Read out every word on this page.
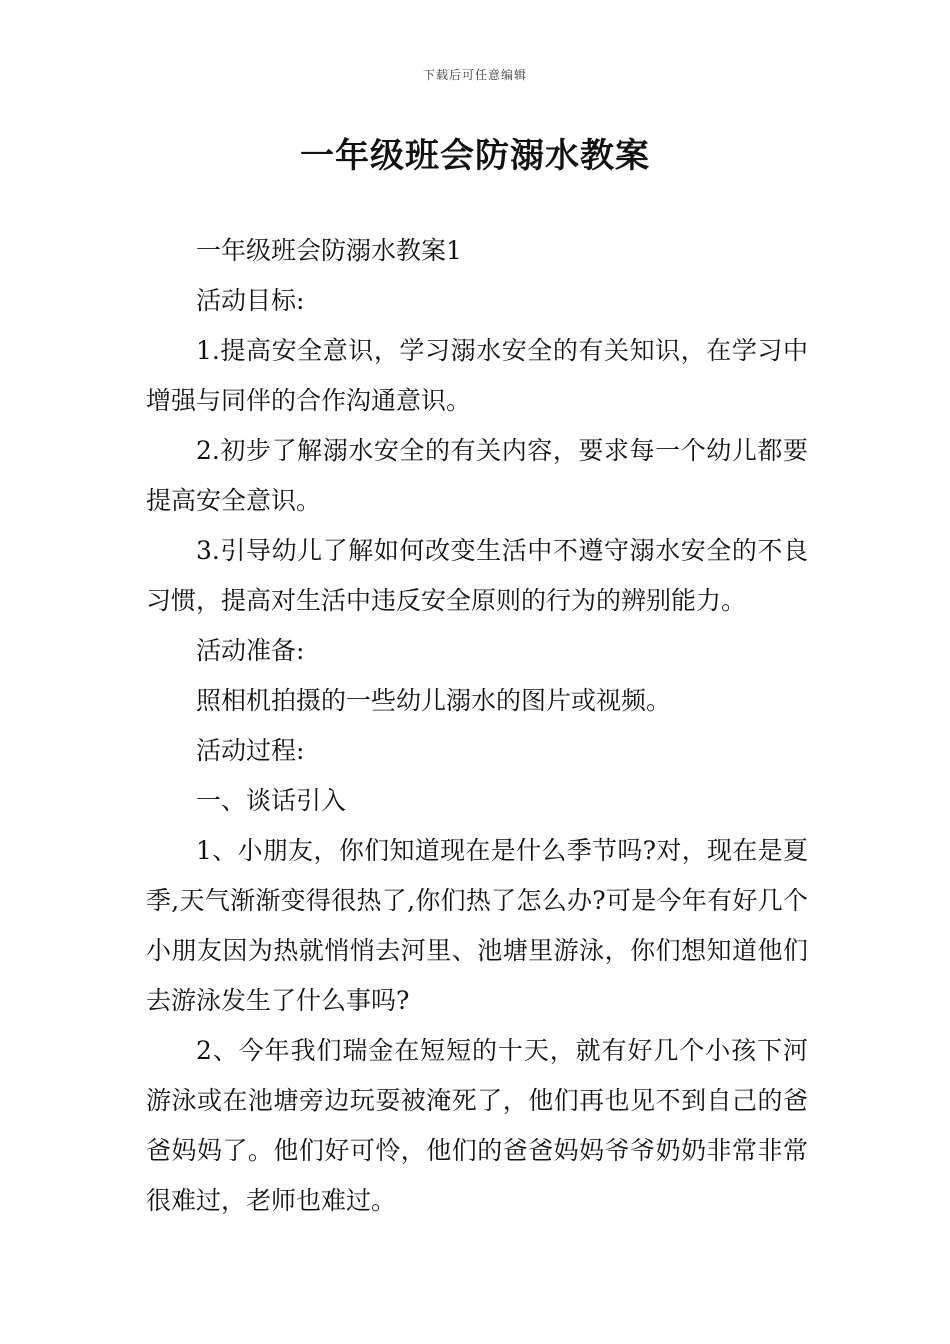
下载后可任意编辑
一年级班会防溺水教案

一年级班会防溺水教案1

活动目标:

1.提高安全意识，学习溺水安全的有关知识，在学习中增强与同伴的合作沟通意识。

2.初步了解溺水安全的有关内容，要求每一个幼儿都要提高安全意识。

3.引导幼儿了解如何改变生活中不遵守溺水安全的不良习惯，提高对生活中违反安全原则的行为的辨别能力。

活动准备:

照相机拍摄的一些幼儿溺水的图片或视频。

活动过程:

一、谈话引入

1、小朋友，你们知道现在是什么季节吗?对，现在是夏季,天气渐渐变得很热了,你们热了怎么办?可是今年有好几个小朋友因为热就悄悄去河里、池塘里游泳，你们想知道他们去游泳发生了什么事吗?

2、今年我们瑞金在短短的十天，就有好几个小孩下河游泳或在池塘旁边玩耍被淹死了，他们再也见不到自己的爸爸妈妈了。他们好可怜，他们的爸爸妈妈爷爷奶奶非常非常很难过，老师也难过。
